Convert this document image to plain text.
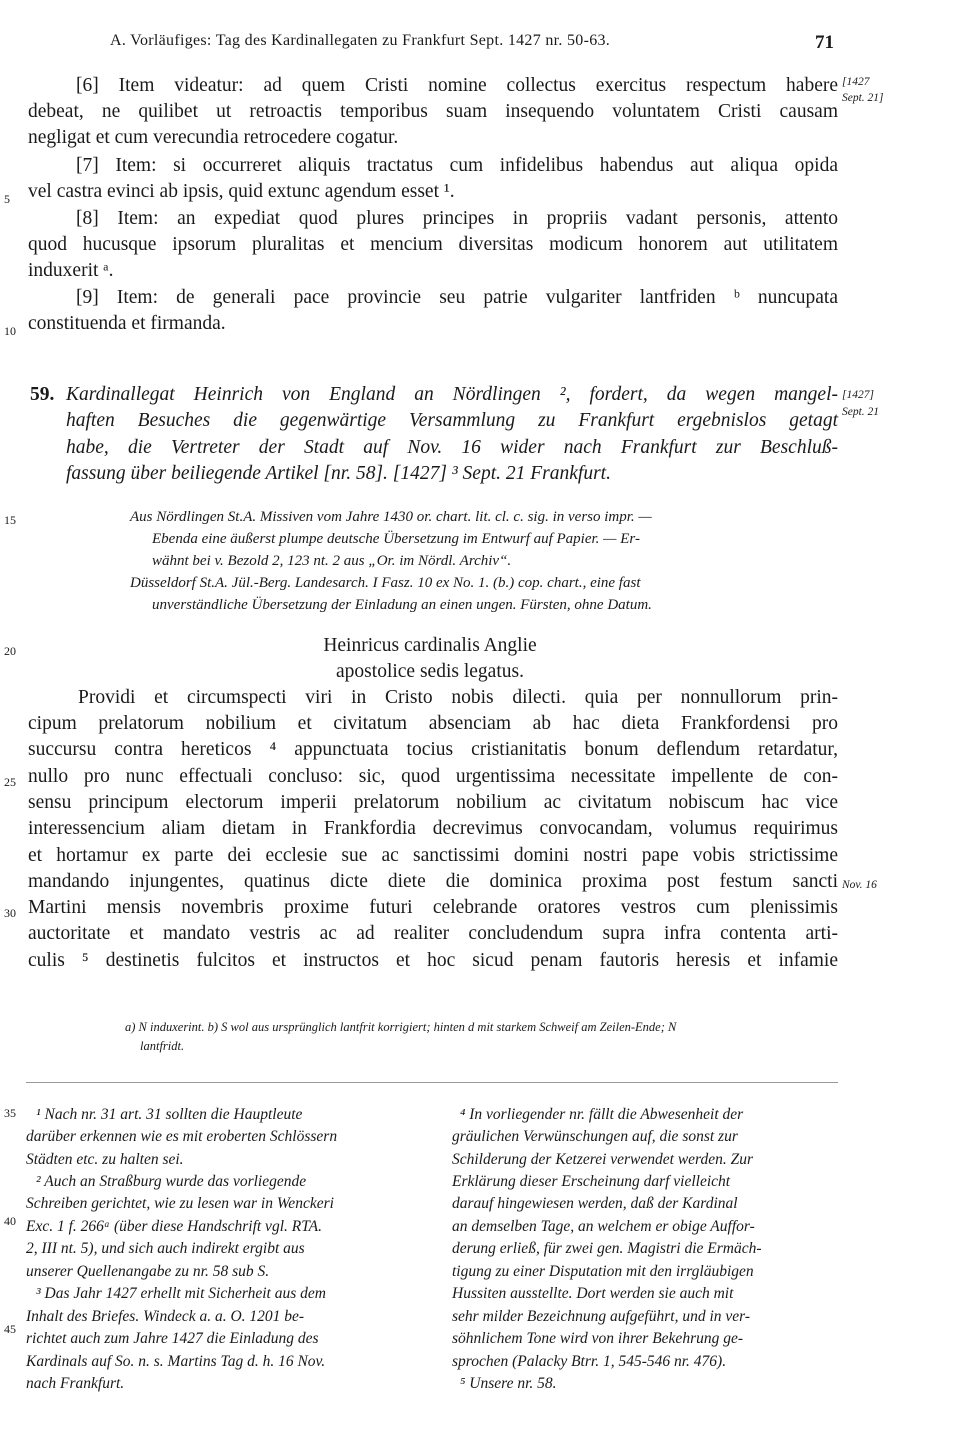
A. Vorläufiges: Tag des Kardinallegaten zu Frankfurt Sept. 1427 nr. 50-63.	71
[1427
Sept. 21]
[1427]
Sept. 21
Nov. 16
5
10
15
20
25
30
35
40
45
[6] Item videatur: ad quem Cristi nomine collectus exercitus respectum habere
debeat, ne quilibet ut retroactis temporibus suam insequendo voluntatem Cristi causam
negligat et cum verecundia retrocedere cogatur.
[7] Item: si occurreret aliquis tractatus cum infidelibus habendus aut aliqua opida
vel castra evinci ab ipsis, quid extunc agendum esset ¹.
[8] Item: an expediat quod plures principes in propriis vadant personis, attento
quod hucusque ipsorum pluralitas et mencium diversitas modicum honorem aut utilitatem
induxerit ᵃ.
[9] Item: de generali pace provincie seu patrie vulgariter lantfriden ᵇ nuncupata
constituenda et firmanda.
59. Kardinallegat Heinrich von England an Nördlingen ², fordert, da wegen mangel-
haften Besuches die gegenwärtige Versammlung zu Frankfurt ergebnislos getagt
habe, die Vertreter der Stadt auf Nov. 16 wider nach Frankfurt zur Beschluß-
fassung über beiliegende Artikel [nr. 58]. [1427] ³ Sept. 21 Frankfurt.
Aus Nördlingen St.A. Missiven vom Jahre 1430 or. chart. lit. cl. c. sig. in verso impr. —
Ebenda eine äußerst plumpe deutsche Übersetzung im Entwurf auf Papier. — Er-
wähnt bei v. Bezold 2, 123 nt. 2 aus „Or. im Nördl. Archiv“.
Düsseldorf St.A. Jül.-Berg. Landesarch. I Fasz. 10 ex No. 1. (b.) cop. chart., eine fast
unverständliche Übersetzung der Einladung an einen ungen. Fürsten, ohne Datum.
Heinricus cardinalis Anglie
apostolice sedis legatus.
Providi et circumspecti viri in Cristo nobis dilecti. quia per nonnullorum prin-
cipum prelatorum nobilium et civitatum absenciam ab hac dieta Frankfordensi pro
succursu contra hereticos ⁴ appunctuata tocius cristianitatis bonum deflendum retardatur,
nullo pro nunc effectuali concluso: sic, quod urgentissima necessitate impellente de con-
sensu principum electorum imperii prelatorum nobilium ac civitatum nobiscum hac vice
interessencium aliam dietam in Frankfordia decrevimus convocandam, volumus requirimus
et hortamur ex parte dei ecclesie sue ac sanctissimi domini nostri pape vobis strictissime
mandando injungentes, quatinus dicte diete die dominica proxima post festum sancti
Martini mensis novembris proxime futuri celebrande oratores vestros cum plenissimis
auctoritate et mandato vestris ac ad realiter concludendum supra infra contenta arti-
culis ⁵ destinetis fulcitos et instructos et hoc sicud penam fautoris heresis et infamie
a) N induxerint. b) S wol aus ursprünglich lantfrit korrigiert; hinten d mit starkem Schweif am Zeilen-Ende; N
lantfridt.
¹ Nach nr. 31 art. 31 sollten die Hauptleute
darüber erkennen wie es mit eroberten Schlössern
Städten etc. zu halten sei.
² Auch an Straßburg wurde das vorliegende
Schreiben gerichtet, wie zu lesen war in Wenckeri
Exc. 1 f. 266ᵃ (über diese Handschrift vgl. RTA.
2, III nt. 5), und sich auch indirekt ergibt aus
unserer Quellenangabe zu nr. 58 sub S.
³ Das Jahr 1427 erhellt mit Sicherheit aus dem
Inhalt des Briefes. Windeck a. a. O. 1201 be-
richtet auch zum Jahre 1427 die Einladung des
Kardinals auf So. n. s. Martins Tag d. h. 16 Nov.
nach Frankfurt.
⁴ In vorliegender nr. fällt die Abwesenheit der
gräulichen Verwünschungen auf, die sonst zur
Schilderung der Ketzerei verwendet werden. Zur
Erklärung dieser Erscheinung darf vielleicht
darauf hingewiesen werden, daß der Kardinal
an demselben Tage, an welchem er obige Auffor-
derung erließ, für zwei gen. Magistri die Ermäch-
tigung zu einer Disputation mit den irrgläubigen
Hussiten ausstellte. Dort werden sie auch mit
sehr milder Bezeichnung aufgeführt, und in ver-
söhnlichem Tone wird von ihrer Bekehrung ge-
sprochen (Palacky Btrr. 1, 545-546 nr. 476).
⁵ Unsere nr. 58.
